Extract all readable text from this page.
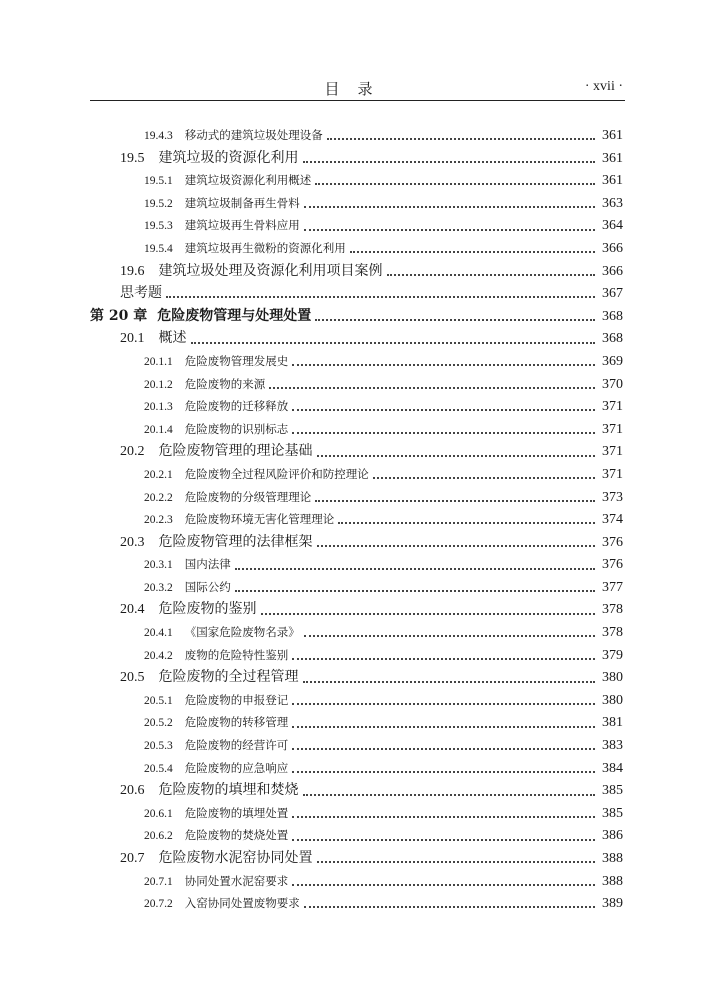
目录	· xvii ·
19.4.3 移动式的建筑垃圾处理设备	361
19.5 建筑垃圾的资源化利用	361
19.5.1 建筑垃圾资源化利用概述	361
19.5.2 建筑垃圾制备再生骨料	363
19.5.3 建筑垃圾再生骨料应用	364
19.5.4 建筑垃圾再生微粉的资源化利用	366
19.6 建筑垃圾处理及资源化利用项目案例	366
思考题	367
第 20 章 危险废物管理与处理处置	368
20.1 概述	368
20.1.1 危险废物管理发展史	369
20.1.2 危险废物的来源	370
20.1.3 危险废物的迁移释放	371
20.1.4 危险废物的识别标志	371
20.2 危险废物管理的理论基础	371
20.2.1 危险废物全过程风险评价和防控理论	371
20.2.2 危险废物的分级管理理论	373
20.2.3 危险废物环境无害化管理理论	374
20.3 危险废物管理的法律框架	376
20.3.1 国内法律	376
20.3.2 国际公约	377
20.4 危险废物的鉴别	378
20.4.1 《国家危险废物名录》	378
20.4.2 废物的危险特性鉴别	379
20.5 危险废物的全过程管理	380
20.5.1 危险废物的申报登记	380
20.5.2 危险废物的转移管理	381
20.5.3 危险废物的经营许可	383
20.5.4 危险废物的应急响应	384
20.6 危险废物的填埋和焚烧	385
20.6.1 危险废物的填埋处置	385
20.6.2 危险废物的焚烧处置	386
20.7 危险废物水泥窑协同处置	388
20.7.1 协同处置水泥窑要求	388
20.7.2 入窑协同处置废物要求	389
